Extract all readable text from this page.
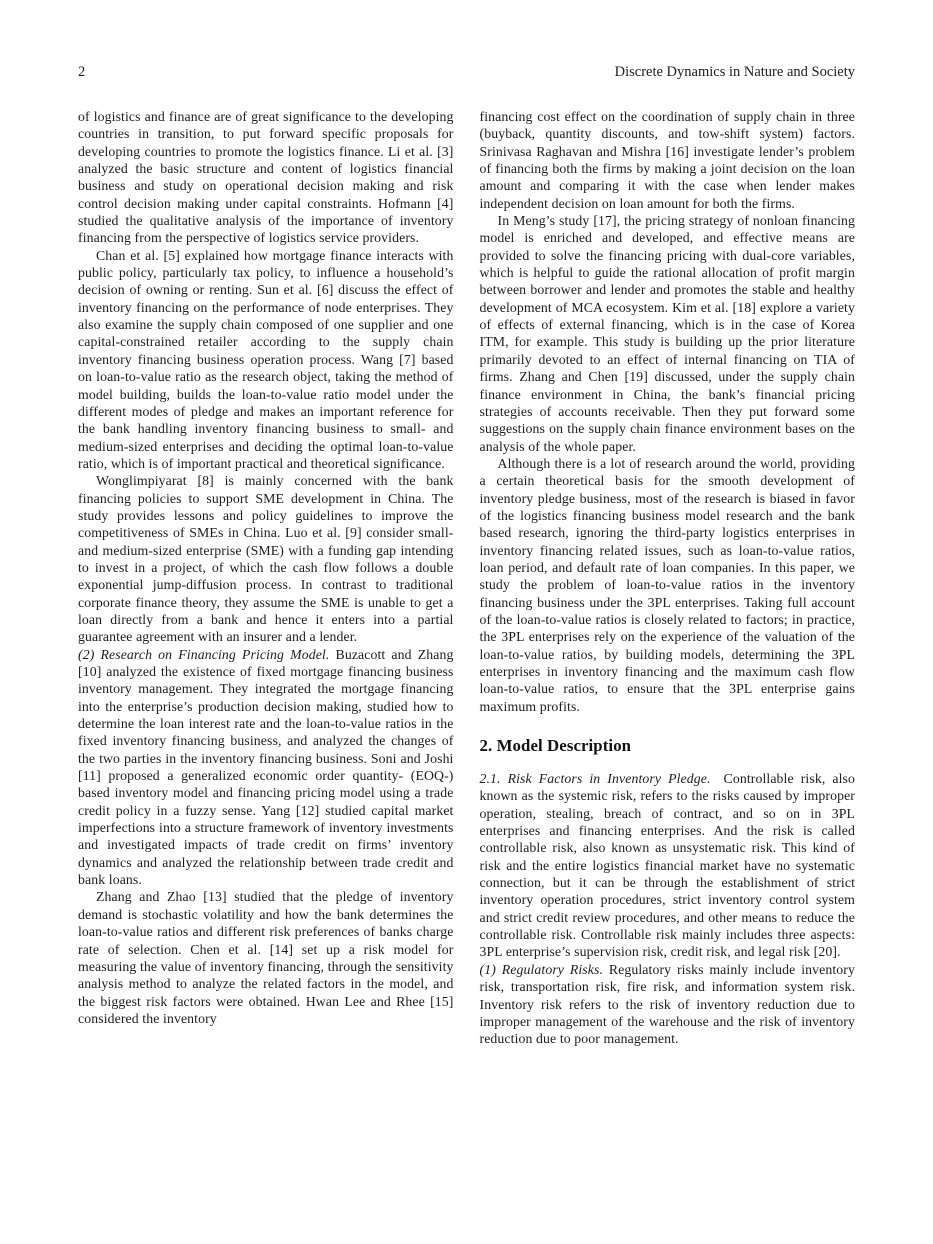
2	Discrete Dynamics in Nature and Society

of logistics and finance are of great significance to the developing countries in transition, to put forward specific proposals for developing countries to promote the logistics finance. Li et al. [3] analyzed the basic structure and content of logistics financial business and study on operational decision making and risk control decision making under capital constraints. Hofmann [4] studied the qualitative analysis of the importance of inventory financing from the perspective of logistics service providers.

Chan et al. [5] explained how mortgage finance interacts with public policy, particularly tax policy, to influence a household’s decision of owning or renting. Sun et al. [6] discuss the effect of inventory financing on the performance of node enterprises. They also examine the supply chain composed of one supplier and one capital-constrained retailer according to the supply chain inventory financing business operation process. Wang [7] based on loan-to-value ratio as the research object, taking the method of model building, builds the loan-to-value ratio model under the different modes of pledge and makes an important reference for the bank handling inventory financing business to small- and medium-sized enterprises and deciding the optimal loan-to-value ratio, which is of important practical and theoretical significance.

Wonglimpiyarat [8] is mainly concerned with the bank financing policies to support SME development in China. The study provides lessons and policy guidelines to improve the competitiveness of SMEs in China. Luo et al. [9] consider small- and medium-sized enterprise (SME) with a funding gap intending to invest in a project, of which the cash flow follows a double exponential jump-diffusion process. In contrast to traditional corporate finance theory, they assume the SME is unable to get a loan directly from a bank and hence it enters into a partial guarantee agreement with an insurer and a lender.

(2) Research on Financing Pricing Model. Buzacott and Zhang [10] analyzed the existence of fixed mortgage financing business inventory management. They integrated the mortgage financing into the enterprise’s production decision making, studied how to determine the loan interest rate and the loan-to-value ratios in the fixed inventory financing business, and analyzed the changes of the two parties in the inventory financing business. Soni and Joshi [11] proposed a generalized economic order quantity- (EOQ-) based inventory model and financing pricing model using a trade credit policy in a fuzzy sense. Yang [12] studied capital market imperfections into a structure framework of inventory investments and investigated impacts of trade credit on firms’ inventory dynamics and analyzed the relationship between trade credit and bank loans.

Zhang and Zhao [13] studied that the pledge of inventory demand is stochastic volatility and how the bank determines the loan-to-value ratios and different risk preferences of banks charge rate of selection. Chen et al. [14] set up a risk model for measuring the value of inventory financing, through the sensitivity analysis method to analyze the related factors in the model, and the biggest risk factors were obtained. Hwan Lee and Rhee [15] considered the inventory

financing cost effect on the coordination of supply chain in three (buyback, quantity discounts, and tow-shift system) factors. Srinivasa Raghavan and Mishra [16] investigate lender’s problem of financing both the firms by making a joint decision on the loan amount and comparing it with the case when lender makes independent decision on loan amount for both the firms.

In Meng’s study [17], the pricing strategy of nonloan financing model is enriched and developed, and effective means are provided to solve the financing pricing with dual-core variables, which is helpful to guide the rational allocation of profit margin between borrower and lender and promotes the stable and healthy development of MCA ecosystem. Kim et al. [18] explore a variety of effects of external financing, which is in the case of Korea ITM, for example. This study is building up the prior literature primarily devoted to an effect of internal financing on TIA of firms. Zhang and Chen [19] discussed, under the supply chain finance environment in China, the bank’s financial pricing strategies of accounts receivable. Then they put forward some suggestions on the supply chain finance environment bases on the analysis of the whole paper.

Although there is a lot of research around the world, providing a certain theoretical basis for the smooth development of inventory pledge business, most of the research is biased in favor of the logistics financing business model research and the bank based research, ignoring the third-party logistics enterprises in inventory financing related issues, such as loan-to-value ratios, loan period, and default rate of loan companies. In this paper, we study the problem of loan-to-value ratios in the inventory financing business under the 3PL enterprises. Taking full account of the loan-to-value ratios is closely related to factors; in practice, the 3PL enterprises rely on the experience of the valuation of the loan-to-value ratios, by building models, determining the 3PL enterprises in inventory financing and the maximum cash flow loan-to-value ratios, to ensure that the 3PL enterprise gains maximum profits.

2. Model Description

2.1. Risk Factors in Inventory Pledge. Controllable risk, also known as the systemic risk, refers to the risks caused by improper operation, stealing, breach of contract, and so on in 3PL enterprises and financing enterprises. And the risk is called controllable risk, also known as unsystematic risk. This kind of risk and the entire logistics financial market have no systematic connection, but it can be through the establishment of strict inventory operation procedures, strict inventory control system and strict credit review procedures, and other means to reduce the controllable risk. Controllable risk mainly includes three aspects: 3PL enterprise’s supervision risk, credit risk, and legal risk [20].

(1) Regulatory Risks. Regulatory risks mainly include inventory risk, transportation risk, fire risk, and information system risk. Inventory risk refers to the risk of inventory reduction due to improper management of the warehouse and the risk of inventory reduction due to poor management.
